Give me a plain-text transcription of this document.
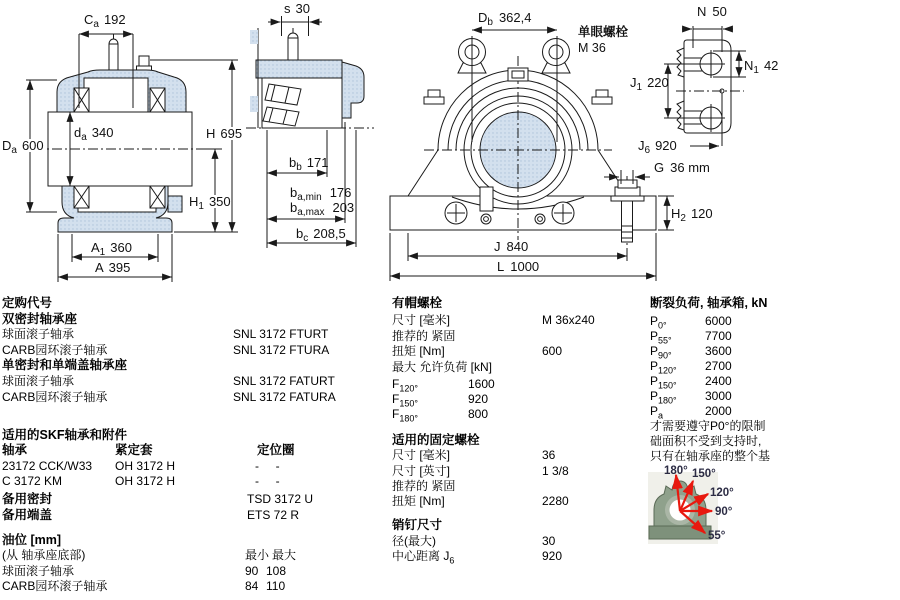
$C_a$ 192
$D_a$ 600
$d_a$ 340	H 695
$H_1$ 350
$A_1$ 360
A 395
s 30
$b_b$ 171
$b_{a,min}$ 176
$b_{a,max}$ 203
$b_c$ 208,5
$D_b$ 362,4
单眼螺栓
M 36
J 840
L 1000
$H_2$ 120
G 36 mm
N 50
$N_1$ 42
$J_1$ 220
$J_6$ 920
定购代号
双密封轴承座
球面滚子轴承	SNL 3172 FTURT
CARB园环滚子轴承	SNL 3172 FTURA
单密封和单端盖轴承座
球面滚子轴承	SNL 3172 FATURT
CARB园环滚子轴承	SNL 3172 FATURA
适用的SKF轴承和附件
轴承	紧定套	定位圈
23172 CCK/W33 OH 3172 H	-     -
C 3172 KM	OH 3172 H	-     -
备用密封	TSD 3172 U
备用端盖	ETS 72 R
油位 [mm]
(从 轴承座底部)	最小 最大
球面滚子轴承	90 108
CARB园环滚子轴承	84 110
有帽螺栓
尺寸 [毫米]	M 36x240
推荐的 紧固
扭矩 [Nm]	600
最大 允许负荷 [kN]
$F_{120^\circ}$	1600
$F_{150^\circ}$	920
$F_{180^\circ}$	800
适用的固定螺栓
尺寸 [毫米]	36
尺寸 [英寸]	1 3/8
推荐的 紧固
扭矩 [Nm]	2280
销钉尺寸
径(最大)	30
中心距离 $J_6$	920
断裂负荷, 轴承箱, kN
$P_{0^\circ}$	6000
$P_{55^\circ}$	7700
$P_{90^\circ}$	3600
$P_{120^\circ}$ 2700
$P_{150^\circ}$ 2400
$P_{180^\circ}$ 3000
$P_a$	2000
才需要遵守P0°的限制
础面积不受到支持时,
只有在轴承座的整个基
180° 150°
120°
90°
55°
